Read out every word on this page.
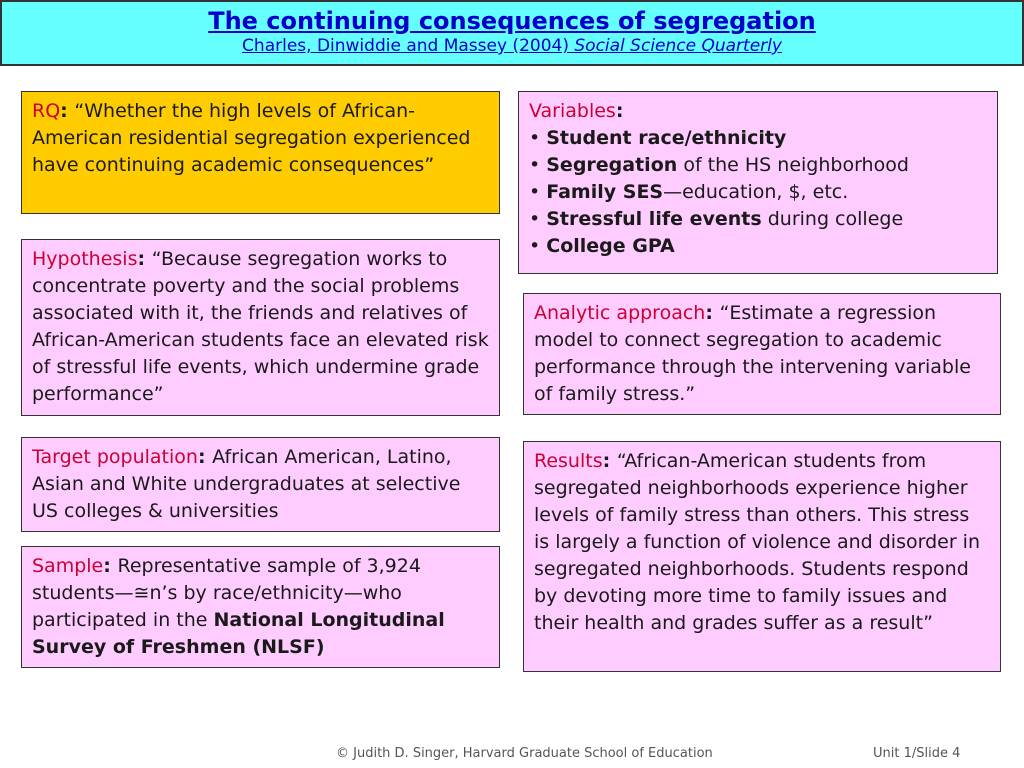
The continuing consequences of segregation
Charles, Dinwiddie and Massey (2004) Social Science Quarterly
RQ: “Whether the high levels of African-American residential segregation experienced have continuing academic consequences”
Hypothesis: “Because segregation works to concentrate poverty and the social problems associated with it, the friends and relatives of African-American students face an elevated risk of stressful life events, which undermine grade performance”
Target population: African American, Latino, Asian and White undergraduates at selective US colleges & universities
Sample: Representative sample of 3,924 students—≅n’s by race/ethnicity—who participated in the National Longitudinal Survey of Freshmen (NLSF)
Variables:
• Student race/ethnicity
• Segregation of the HS neighborhood
• Family SES—education, $, etc.
• Stressful life events during college
• College GPA
Analytic approach: “Estimate a regression model to connect segregation to academic performance through the intervening variable of family stress.”
Results: “African-American students from segregated neighborhoods experience higher levels of family stress than others. This stress is largely a function of violence and disorder in segregated neighborhoods. Students respond by devoting more time to family issues and their health and grades suffer as a result”
© Judith D. Singer, Harvard Graduate School of Education	Unit 1/Slide 4
